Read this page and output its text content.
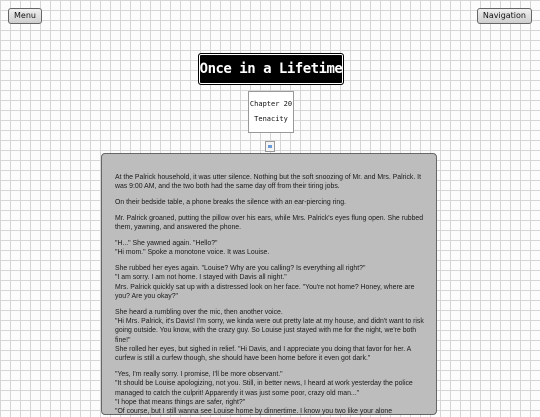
Menu	Navigation
Once in a Lifetime
Chapter 20
Tenacity

At the Palrick household, it was utter silence. Nothing but the soft snoozing of Mr. and Mrs. Palrick. It was 9:00 AM, and the two both had the same day off from their tiring jobs.

On their bedside table, a phone breaks the silence with an ear-piercing ring.

Mr. Palrick groaned, putting the pillow over his ears, while Mrs. Palrick's eyes flung open. She rubbed them, yawning, and answered the phone.

"H..." She yawned again. "Hello?"
"Hi mom." Spoke a monotone voice. It was Louise.

She rubbed her eyes again. "Louise? Why are you calling? Is everything all right?"
"I am sorry. I am not home. I stayed with Davis all night."
Mrs. Palrick quickly sat up with a distressed look on her face. "You're not home? Honey, where are you? Are you okay?"

She heard a rumbling over the mic, then another voice.
"Hi Mrs. Palrick, it's Davis! I'm sorry, we kinda were out pretty late at my house, and didn't want to risk going outside. You know, with the crazy guy. So Louise just stayed with me for the night, we're both fine!"
She rolled her eyes, but sighed in relief. "Hi Davis, and I appreciate you doing that favor for her. A curfew is still a curfew though, she should have been home before it even got dark."

"Yes, I'm really sorry. I promise, I'll be more observant."
"It should be Louise apologizing, not you. Still, in better news, I heard at work yesterday the police managed to catch the culprit! Apparently it was just some poor, crazy old man..."
"I hope that means things are safer, right?"
"Of course, but I still wanna see Louise home by dinnertime. I know you two like your alone
